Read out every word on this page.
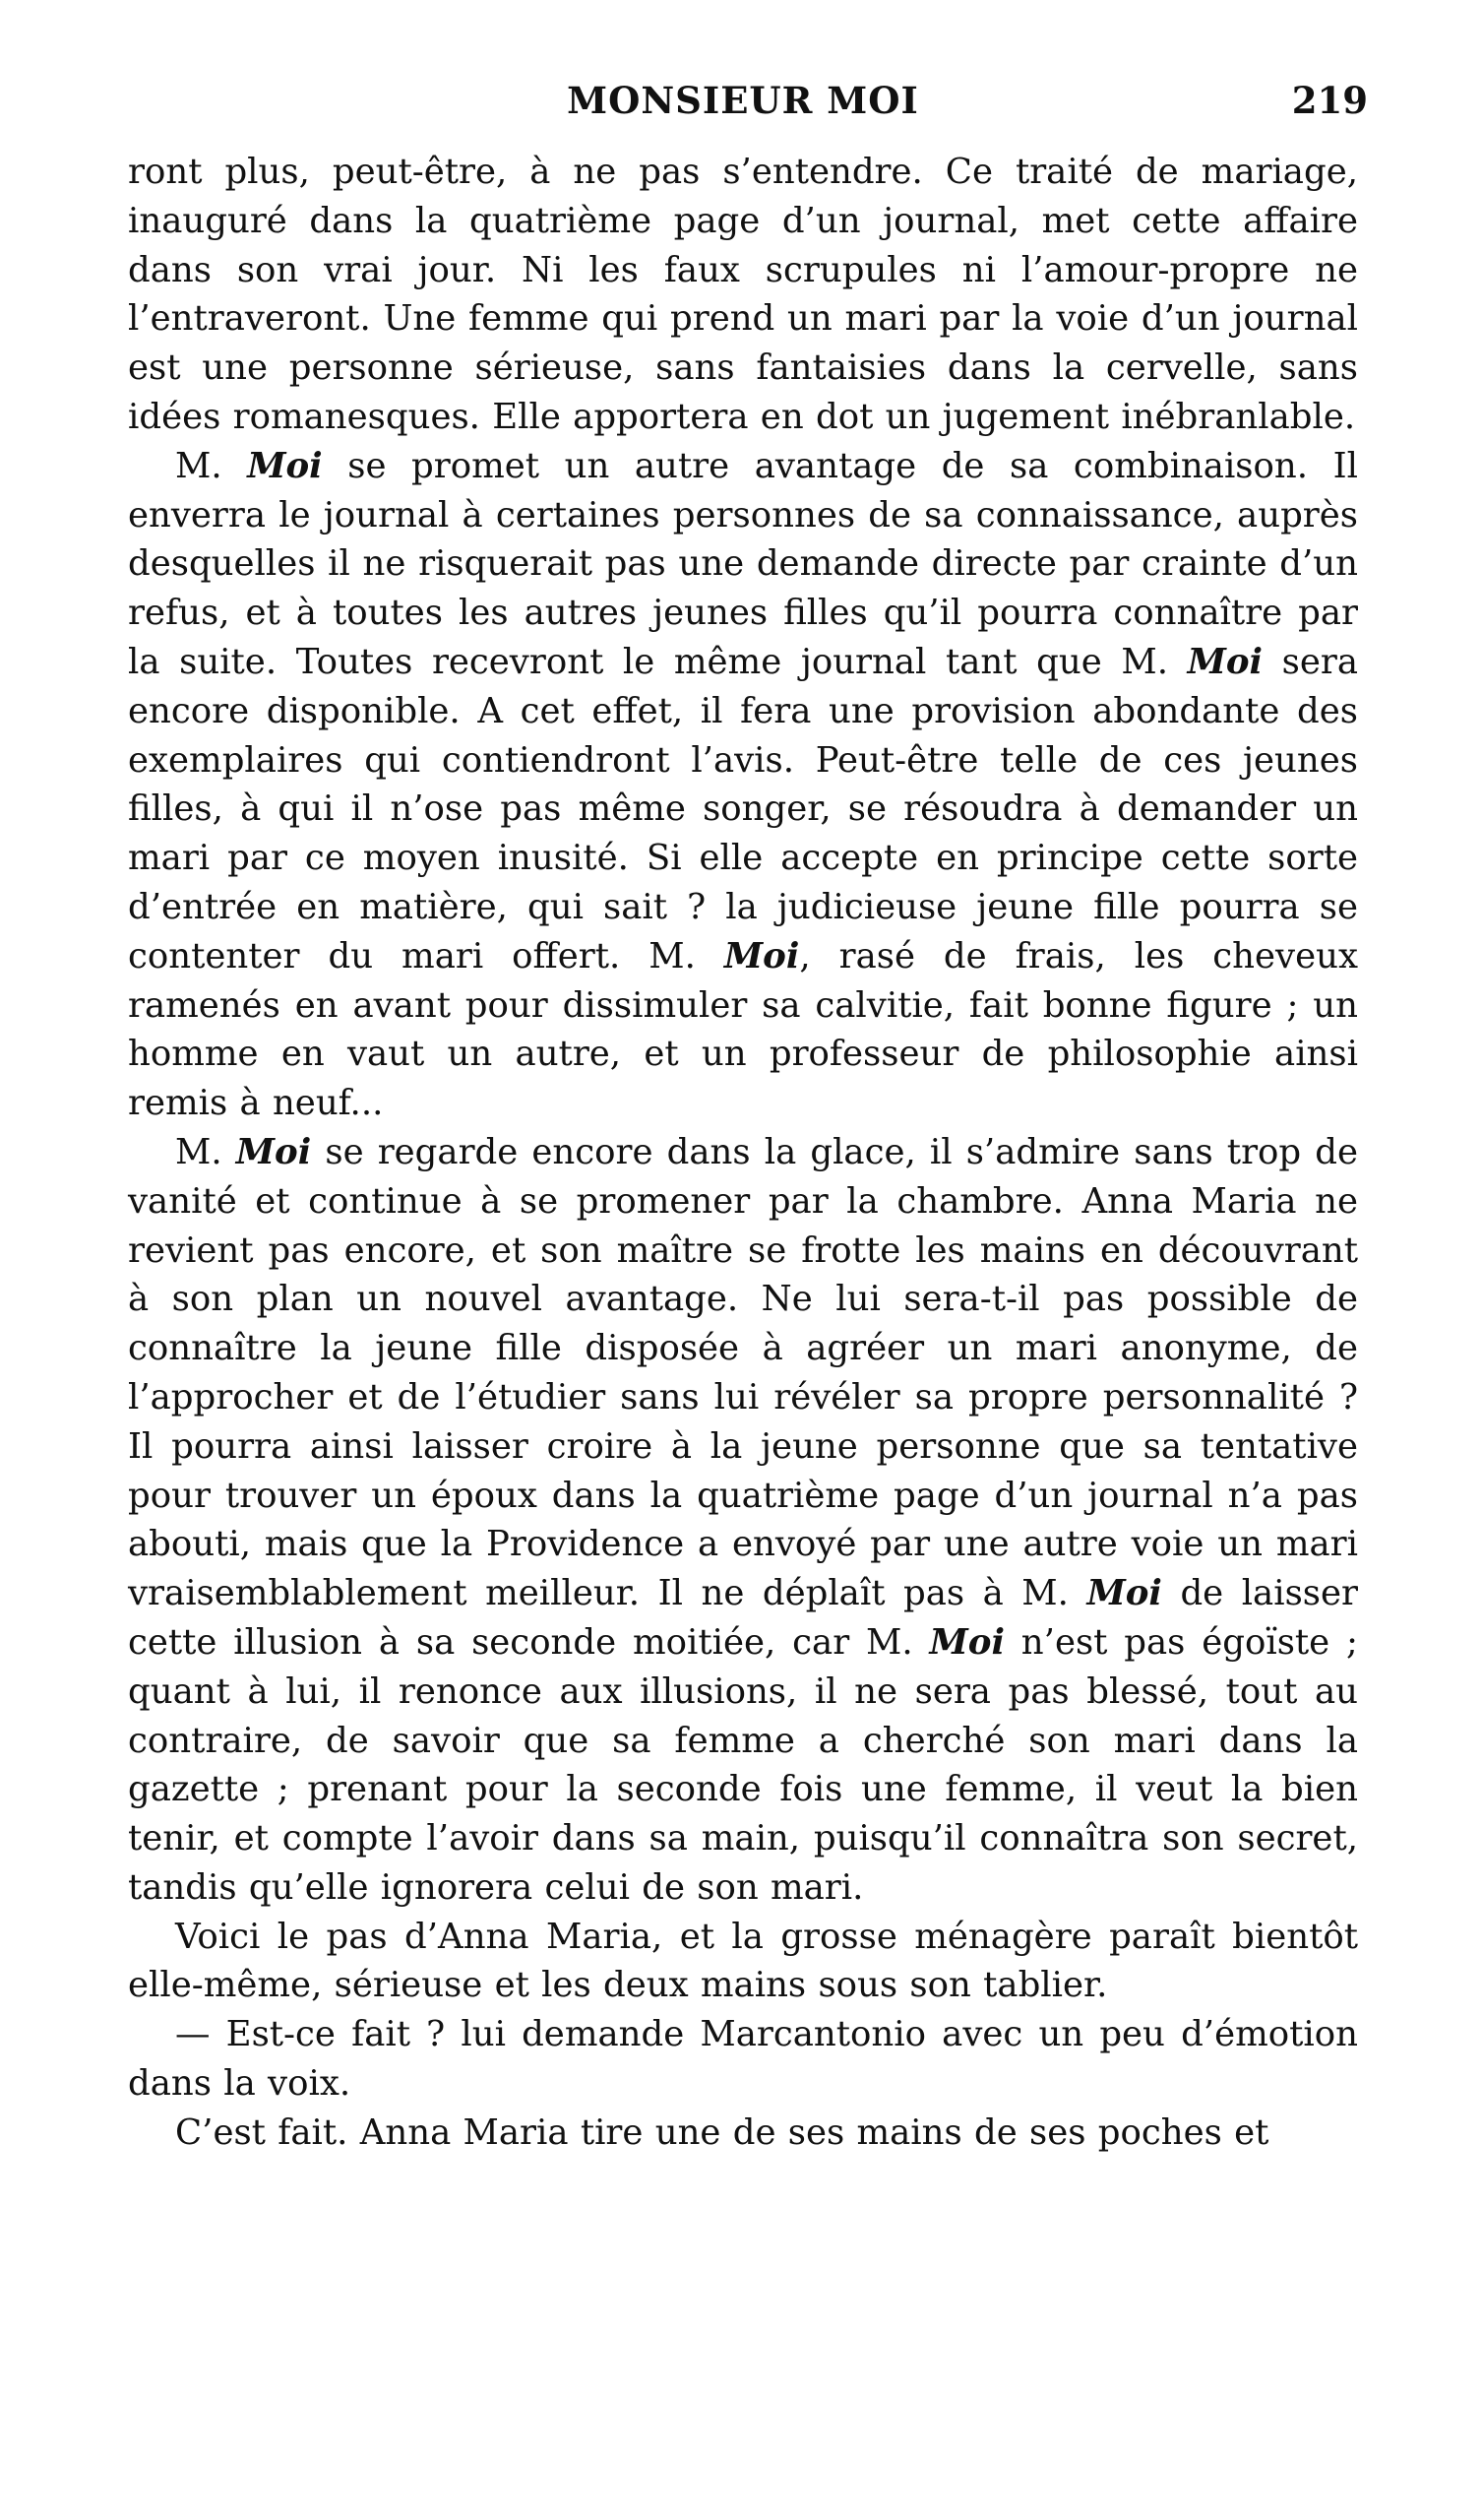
MONSIEUR MOI	219

ront plus, peut-être, à ne pas s’entendre. Ce traité de mariage, inauguré dans la quatrième page d’un journal, met cette affaire dans son vrai jour. Ni les faux scrupules ni l’amour-propre ne l’entraveront. Une femme qui prend un mari par la voie d’un journal est une personne sérieuse, sans fantaisies dans la cervelle, sans idées romanesques. Elle apportera en dot un jugement inébranlable.

M. Moi se promet un autre avantage de sa combinaison. Il enverra le journal à certaines personnes de sa connaissance, auprès desquelles il ne risquerait pas une demande directe par crainte d’un refus, et à toutes les autres jeunes filles qu’il pourra connaître par la suite. Toutes recevront le même journal tant que M. Moi sera encore disponible. A cet effet, il fera une provision abondante des exemplaires qui contiendront l’avis. Peut-être telle de ces jeunes filles, à qui il n’ose pas même songer, se résoudra à demander un mari par ce moyen inusité. Si elle accepte en principe cette sorte d’entrée en matière, qui sait ? la judicieuse jeune fille pourra se contenter du mari offert. M. Moi, rasé de frais, les cheveux ramenés en avant pour dissimuler sa calvitie, fait bonne figure ; un homme en vaut un autre, et un professeur de philosophie ainsi remis à neuf...

M. Moi se regarde encore dans la glace, il s’admire sans trop de vanité et continue à se promener par la chambre. Anna Maria ne revient pas encore, et son maître se frotte les mains en découvrant à son plan un nouvel avantage. Ne lui sera-t-il pas possible de connaître la jeune fille disposée à agréer un mari anonyme, de l’approcher et de l’étudier sans lui révéler sa propre personnalité ? Il pourra ainsi laisser croire à la jeune personne que sa tentative pour trouver un époux dans la quatrième page d’un journal n’a pas abouti, mais que la Providence a envoyé par une autre voie un mari vraisemblablement meilleur. Il ne déplaît pas à M. Moi de laisser cette illusion à sa seconde moitiée, car M. Moi n’est pas égoïste ; quant à lui, il renonce aux illusions, il ne sera pas blessé, tout au contraire, de savoir que sa femme a cherché son mari dans la gazette ; prenant pour la seconde fois une femme, il veut la bien tenir, et compte l’avoir dans sa main, puisqu’il connaîtra son secret, tandis qu’elle ignorera celui de son mari.

Voici le pas d’Anna Maria, et la grosse ménagère paraît bientôt elle-même, sérieuse et les deux mains sous son tablier.

— Est-ce fait ? lui demande Marcantonio avec un peu d’émotion dans la voix.

C’est fait. Anna Maria tire une de ses mains de ses poches et
